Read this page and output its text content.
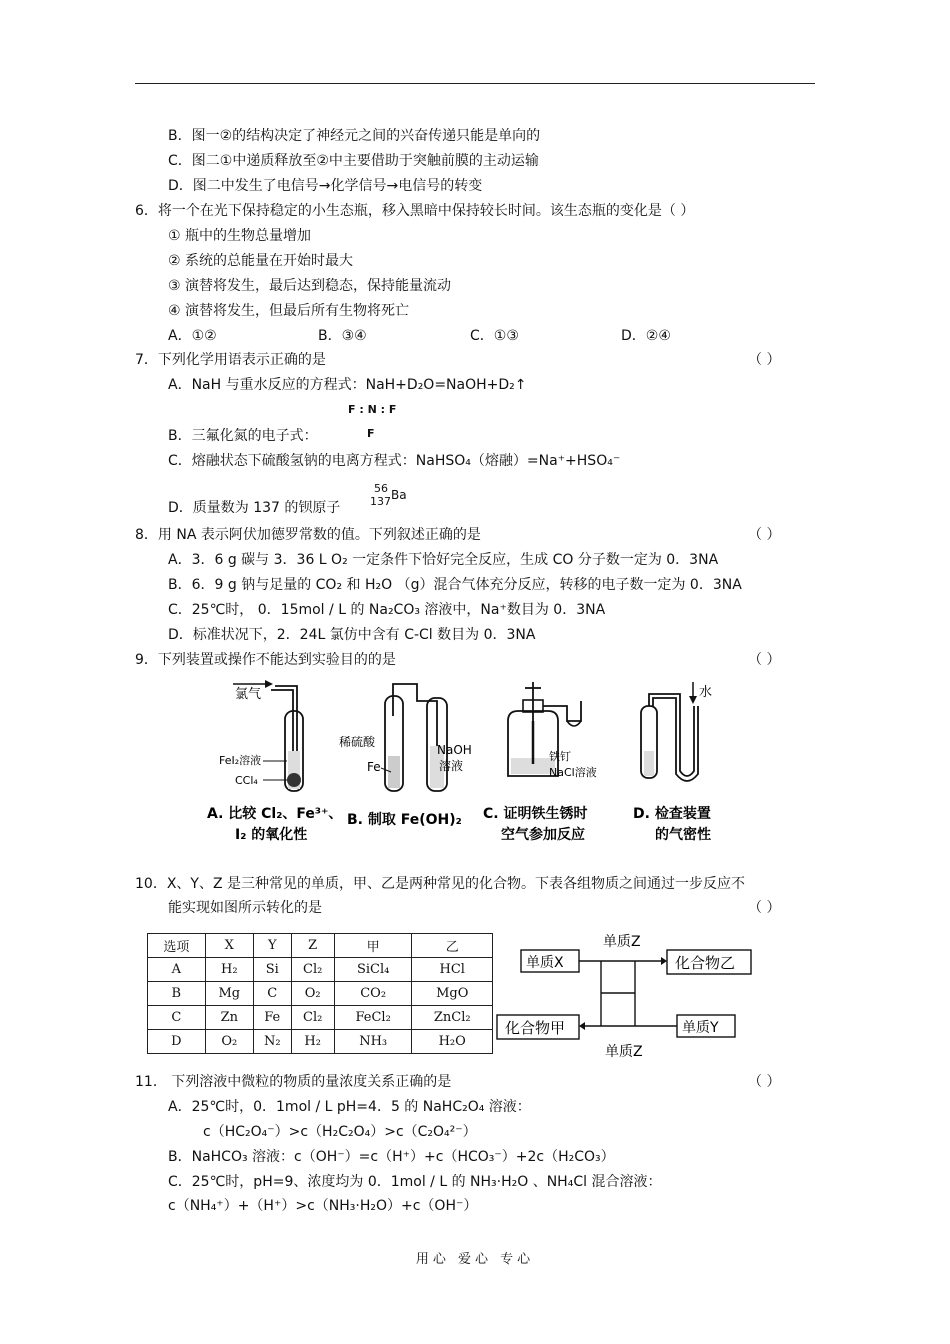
B．图一②的结构决定了神经元之间的兴奋传递只能是单向的
C．图二①中递质释放至②中主要借助于突触前膜的主动运输
D．图二中发生了电信号→化学信号→电信号的转变
6．将一个在光下保持稳定的小生态瓶，移入黑暗中保持较长时间。该生态瓶的变化是（ ）
① 瓶中的生物总量增加
② 系统的总能量在开始时最大
③ 演替将发生，最后达到稳态，保持能量流动
④ 演替将发生，但最后所有生物将死亡
A．①②	B．③④	C．①③	D．②④
7．下列化学用语表示正确的是	（ ）
A．NaH 与重水反应的方程式：NaH+D₂O=NaOH+D₂↑
F : N : F
F
B．三氟化氮的电子式：
C．熔融状态下硫酸氢钠的电离方程式：NaHSO₄（熔融）=Na⁺+HSO₄⁻
D．质量数为 137 的钡原子
56
137 Ba
8．用 NA 表示阿伏加德罗常数的值。下列叙述正确的是	（ ）
A．3．6 g 碳与 3．36 L O₂ 一定条件下恰好完全反应，生成 CO 分子数一定为 0．3NA
B．6．9 g 钠与足量的 CO₂ 和 H₂O （g）混合气体充分反应，转移的电子数一定为 0．3NA
C．25℃时， 0．15mol / L 的 Na₂CO₃ 溶液中，Na⁺数目为 0．3NA
D．标准状况下，2．24L 氯仿中含有 C-Cl 数目为 0．3NA
9．下列装置或操作不能达到实验目的的是	（ ）
氯气
FeI₂溶液
CCl₄
稀硫酸
Fe
NaOH
溶液
铁钉
NaCl溶液
水
A. 比较 Cl₂、Fe³⁺、
I₂ 的氧化性
B. 制取 Fe(OH)₂ C. 证明铁生锈时
空气参加反应
D. 检查装置
的气密性
10．X、Y、Z 是三种常见的单质，甲、乙是两种常见的化合物。下表各组物质之间通过一步反应不
能实现如图所示转化的是	（ ）
选项	X	Y	Z	甲	乙
A	H₂	Si	Cl₂	SiCl₄	HCl
B	Mg	C	O₂	CO₂	MgO
C	Zn	Fe	Cl₂	FeCl₂	ZnCl₂
D	O₂	N₂	H₂	NH₃	H₂O
单质X	化合物乙
化合物甲	单质Y
单质Z
单质Z
11． 下列溶液中微粒的物质的量浓度关系正确的是	（ ）
A．25℃时，0．1mol / L pH=4．5 的 NaHC₂O₄ 溶液：
c（HC₂O₄⁻）>c（H₂C₂O₄）>c（C₂O₄²⁻）
B．NaHCO₃ 溶液：c（OH⁻）=c（H⁺）+c（HCO₃⁻）+2c（H₂CO₃）
C．25℃时，pH=9、浓度均为 0．1mol / L 的 NH₃·H₂O 、NH₄Cl 混合溶液：
c（NH₄⁺）+（H⁺）>c（NH₃·H₂O）+c（OH⁻）
用心 爱心 专心
